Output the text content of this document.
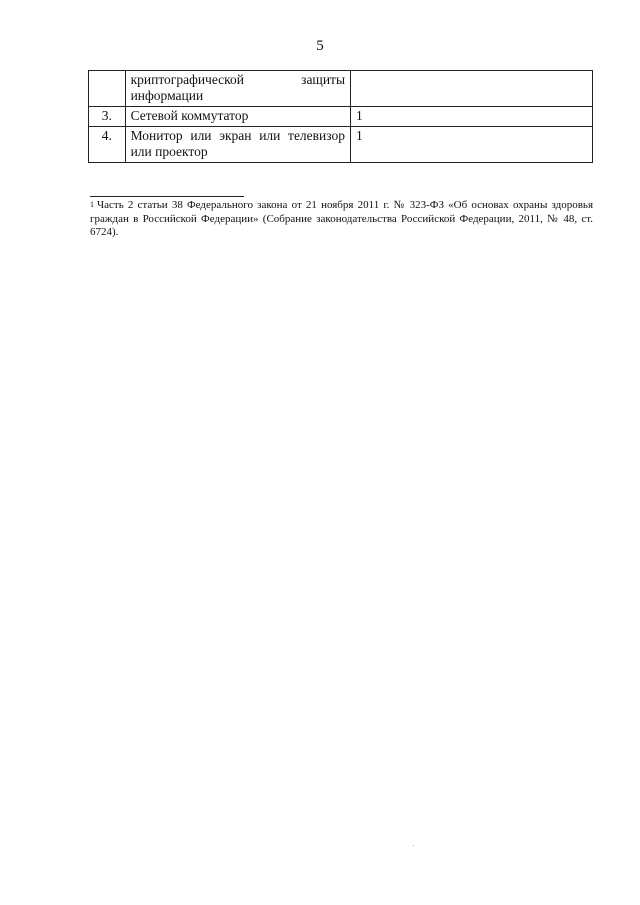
5

	криптографической защиты
информации	

3.	Сетевой коммутатор	1
4.	Монитор или экран или телевизор или проектор	1
$^1$ Часть 2 статьи 38 Федерального закона от 21 ноября 2011 г. № 323-ФЗ «Об основах охраны здоровья граждан в Российской Федерации» (Собрание законодательства Российской Федерации, 2011, № 48, ст. 6724).
